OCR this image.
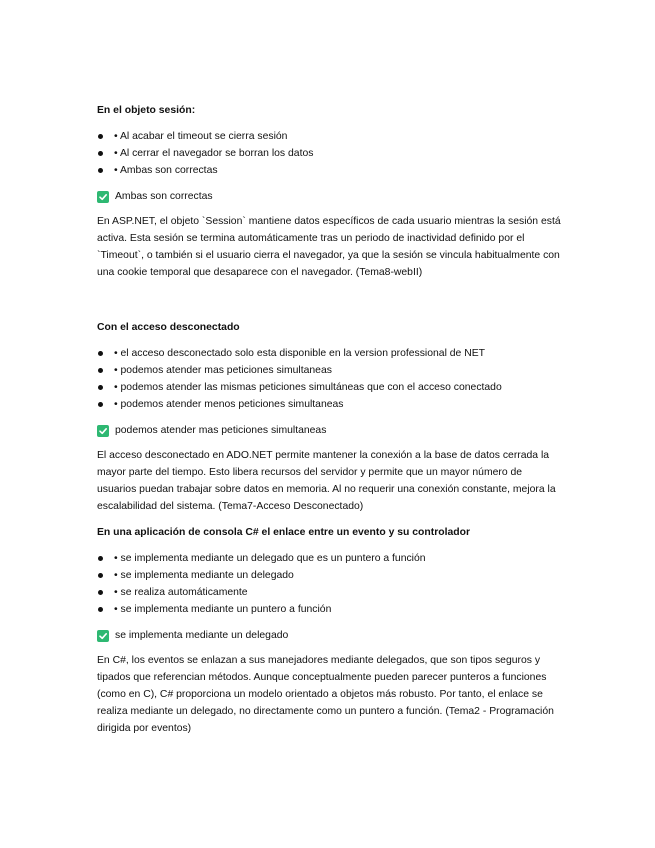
En el objeto sesión:

• Al acabar el timeout se cierra sesión
• Al cerrar el navegador se borran los datos
• Ambas son correctas
Ambas son correctas

En ASP.NET, el objeto `Session` mantiene datos específicos de cada usuario mientras la sesión está activa. Esta sesión se termina automáticamente tras un periodo de inactividad definido por el `Timeout`, o también si el usuario cierra el navegador, ya que la sesión se vincula habitualmente con una cookie temporal que desaparece con el navegador. (Tema8-webII)

Con el acceso desconectado

• el acceso desconectado solo esta disponible en la version professional de NET
• podemos atender mas peticiones simultaneas
• podemos atender las mismas peticiones simultáneas que con el acceso conectado
• podemos atender menos peticiones simultaneas
podemos atender mas peticiones simultaneas

El acceso desconectado en ADO.NET permite mantener la conexión a la base de datos cerrada la mayor parte del tiempo. Esto libera recursos del servidor y permite que un mayor número de usuarios puedan trabajar sobre datos en memoria. Al no requerir una conexión constante, mejora la escalabilidad del sistema. (Tema7-Acceso Desconectado)

En una aplicación de consola C# el enlace entre un evento y su controlador

• se implementa mediante un delegado que es un puntero a función
• se implementa mediante un delegado
• se realiza automáticamente
• se implementa mediante un puntero a función
se implementa mediante un delegado

En C#, los eventos se enlazan a sus manejadores mediante delegados, que son tipos seguros y tipados que referencian métodos. Aunque conceptualmente pueden parecer punteros a funciones (como en C), C# proporciona un modelo orientado a objetos más robusto. Por tanto, el enlace se realiza mediante un delegado, no directamente como un puntero a función. (Tema2 - Programación dirigida por eventos)
